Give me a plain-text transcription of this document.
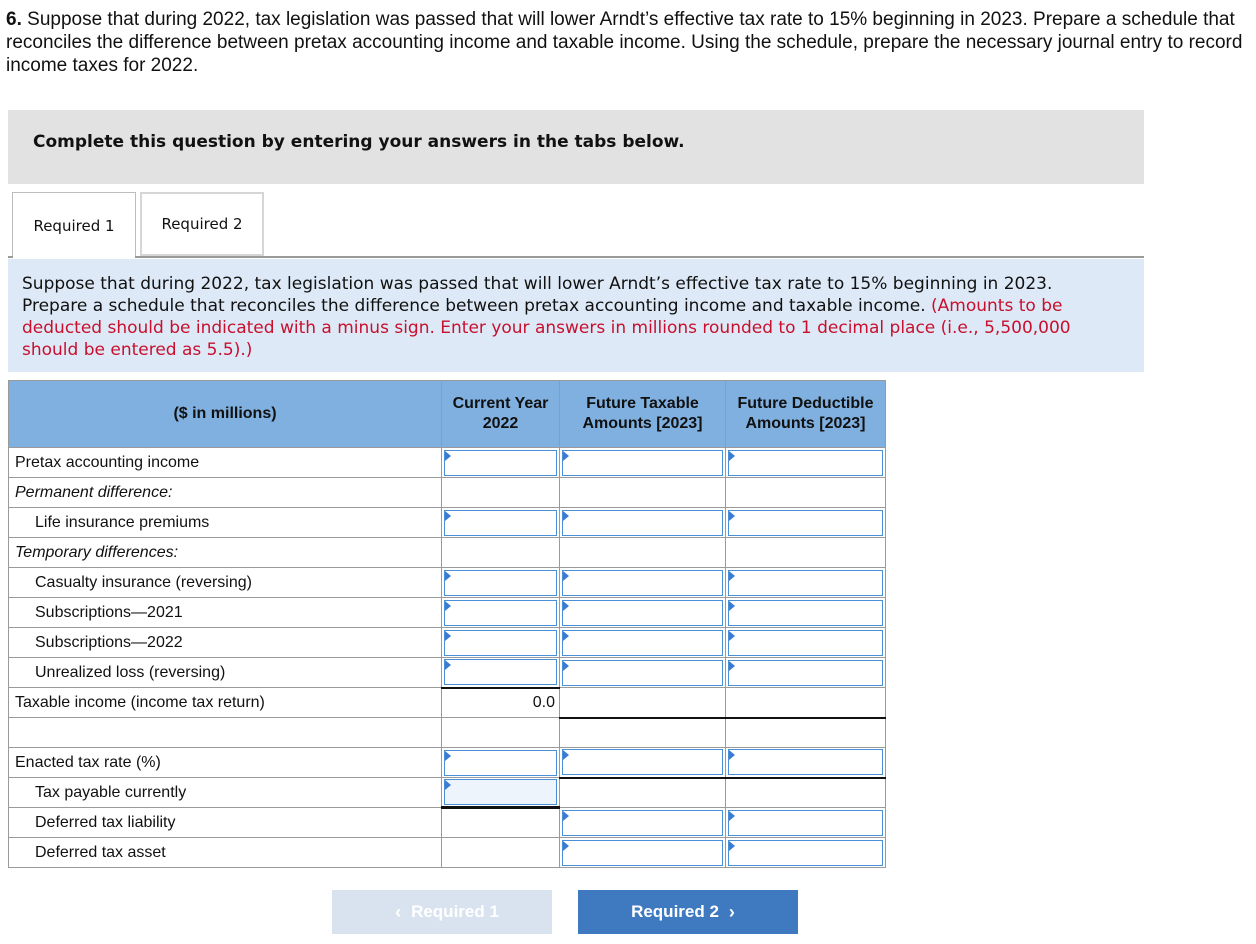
6. Suppose that during 2022, tax legislation was passed that will lower Arndt’s effective tax rate to 15% beginning in 2023. Prepare a schedule that reconciles the difference between pretax accounting income and taxable income. Using the schedule, prepare the necessary journal entry to record income taxes for 2022.
Complete this question by entering your answers in the tabs below.
Required 1	Required 2

Suppose that during 2022, tax legislation was passed that will lower Arndt’s effective tax rate to 15% beginning in 2023. Prepare a schedule that reconciles the difference between pretax accounting income and taxable income. (Amounts to be deducted should be indicated with a minus sign. Enter your answers in millions rounded to 1 decimal place (i.e., 5,500,000 should be entered as 5.5).)

($ in millions)	Current Year 2022	Future Taxable Amounts [2023]	Future Deductible Amounts [2023]
Pretax accounting income	

Permanent difference:			
Life insurance premiums	

Temporary differences:			
Casualty insurance (reversing)	

Subscriptions—2021	

Subscriptions—2022	

Unrealized loss (reversing)	

Taxable income (income tax return)	0.0		

Enacted tax rate (%)	

Tax payable currently	

Deferred tax liability		

Deferred tax asset		

‹ Required 1	Required 2 ›
